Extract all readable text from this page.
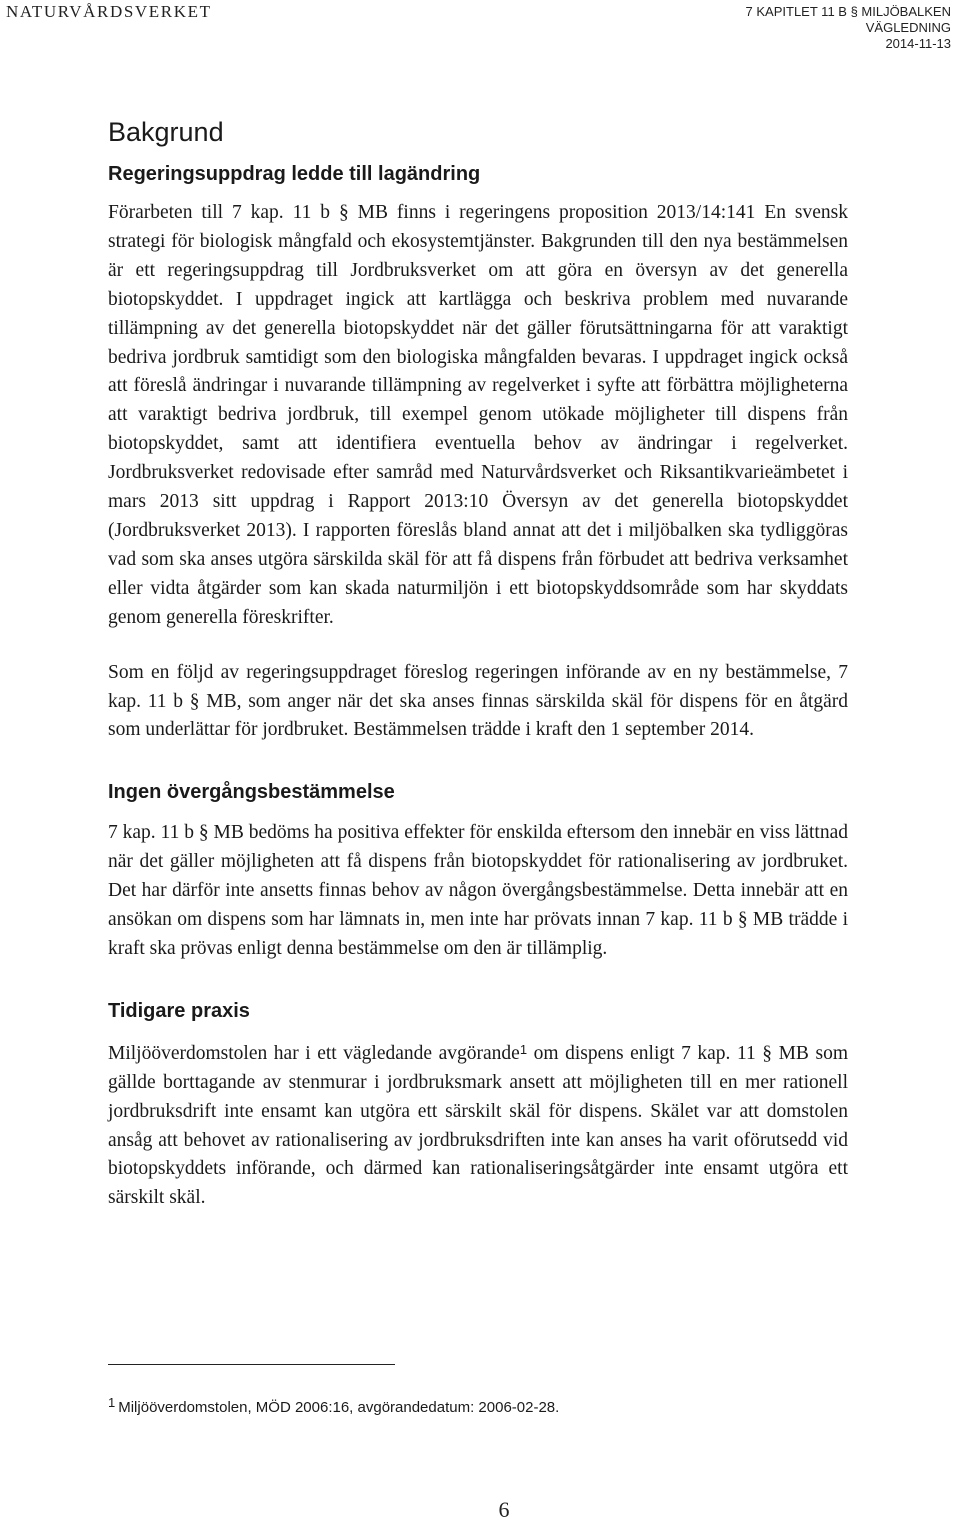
NATURVÅRDSVERKET	7 KAPITLET 11 B § MILJÖBALKEN
VÄGLEDNING
2014-11-13
Bakgrund
Regeringsuppdrag ledde till lagändring

Förarbeten till 7 kap. 11 b § MB finns i regeringens proposition 2013/14:141 En svensk strategi för biologisk mångfald och ekosystemtjänster. Bakgrunden till den nya bestämmelsen är ett regeringsuppdrag till Jordbruksverket om att göra en översyn av det generella biotopskyddet. I uppdraget ingick att kartlägga och beskriva problem med nuvarande tillämpning av det generella biotopskyddet när det gäller förutsättningarna för att varaktigt bedriva jordbruk samtidigt som den biologiska mångfalden bevaras. I uppdraget ingick också att föreslå ändringar i nuvarande tillämpning av regelverket i syfte att förbättra möjligheterna att varaktigt bedriva jordbruk, till exempel genom utökade möjligheter till dispens från biotopskyddet, samt att identifiera eventuella behov av ändringar i regelverket. Jordbruksverket redovisade efter samråd med Naturvårdsverket och Riksantikvarieämbetet i mars 2013 sitt uppdrag i Rapport 2013:10 Översyn av det generella biotopskyddet (Jordbruksverket 2013). I rapporten föreslås bland annat att det i miljöbalken ska tydliggöras vad som ska anses utgöra särskilda skäl för att få dispens från förbudet att bedriva verksamhet eller vidta åtgärder som kan skada naturmiljön i ett biotopskyddsområde som har skyddats genom generella föreskrifter.

Som en följd av regeringsuppdraget föreslog regeringen införande av en ny bestämmelse, 7 kap. 11 b § MB, som anger när det ska anses finnas särskilda skäl för dispens för en åtgärd som underlättar för jordbruket. Bestämmelsen trädde i kraft den 1 september 2014.

Ingen övergångsbestämmelse

7 kap. 11 b § MB bedöms ha positiva effekter för enskilda eftersom den innebär en viss lättnad när det gäller möjligheten att få dispens från biotopskyddet för rationalisering av jordbruket. Det har därför inte ansetts finnas behov av någon övergångsbestämmelse. Detta innebär att en ansökan om dispens som har lämnats in, men inte har prövats innan 7 kap. 11 b § MB trädde i kraft ska prövas enligt denna bestämmelse om den är tillämplig.

Tidigare praxis

Miljööverdomstolen har i ett vägledande avgörande$^1$ om dispens enligt 7 kap. 11 § MB som gällde borttagande av stenmurar i jordbruksmark ansett att möjligheten till en mer rationell jordbruksdrift inte ensamt kan utgöra ett särskilt skäl för dispens. Skälet var att domstolen ansåg att behovet av rationalisering av jordbruksdriften inte kan anses ha varit oförutsedd vid biotopskyddets införande, och därmed kan rationaliseringsåtgärder inte ensamt utgöra ett särskilt skäl.

$^1$ Miljööverdomstolen, MÖD 2006:16, avgörandedatum: 2006-02-28.
6
